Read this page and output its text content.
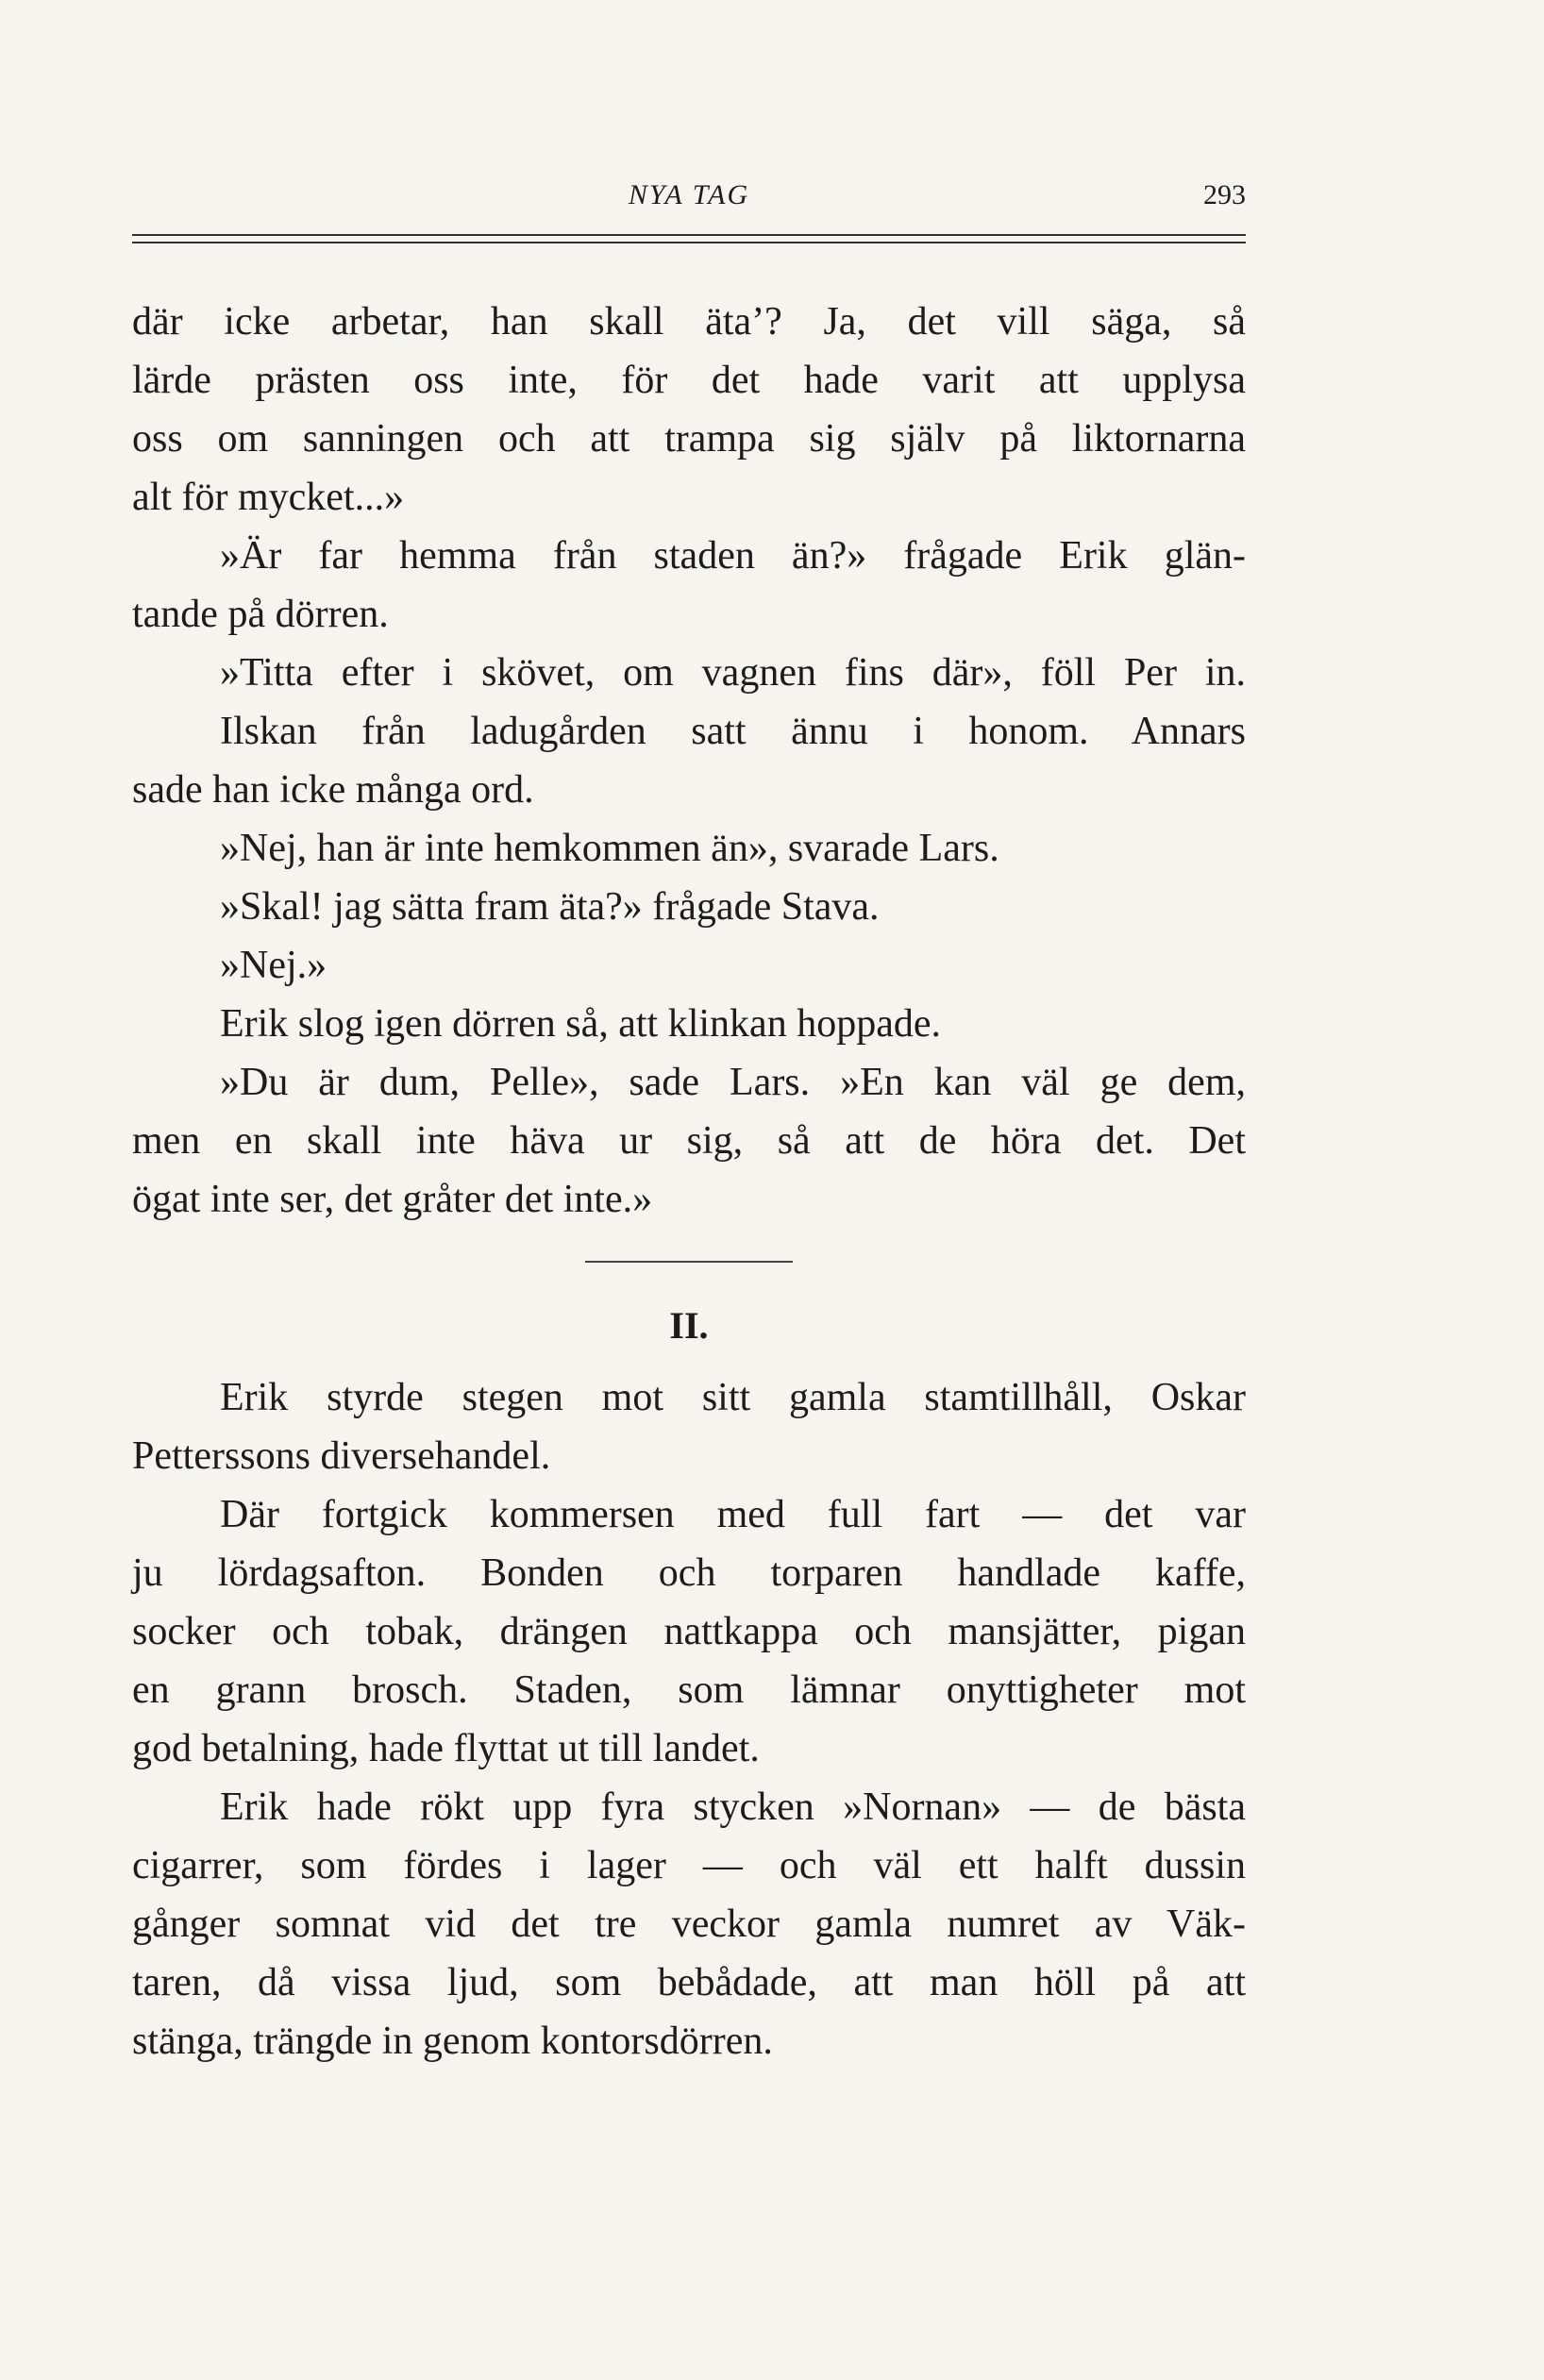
NYA TAG	293
där icke arbetar, han skall äta’? Ja, det vill säga, så
lärde prästen oss inte, för det hade varit att upplysa
oss om sanningen och att trampa sig själv på liktornarna
alt för mycket...»
»Är far hemma från staden än?» frågade Erik glän-
tande på dörren.
»Titta efter i skövet, om vagnen fins där», föll Per in.
Ilskan från ladugården satt ännu i honom. Annars
sade han icke många ord.
»Nej, han är inte hemkommen än», svarade Lars.
»Skal! jag sätta fram äta?» frågade Stava.
»Nej.»
Erik slog igen dörren så, att klinkan hoppade.
»Du är dum, Pelle», sade Lars. »En kan väl ge dem,
men en skall inte häva ur sig, så att de höra det. Det
ögat inte ser, det gråter det inte.»
II.
Erik styrde stegen mot sitt gamla stamtillhåll, Oskar
Petterssons diversehandel.
Där fortgick kommersen med full fart — det var
ju lördagsafton. Bonden och torparen handlade kaffe,
socker och tobak, drängen nattkappa och mansjätter, pigan
en grann brosch. Staden, som lämnar onyttigheter mot
god betalning, hade flyttat ut till landet.
Erik hade rökt upp fyra stycken »Nornan» — de bästa
cigarrer, som fördes i lager — och väl ett halft dussin
gånger somnat vid det tre veckor gamla numret av Väk-
taren, då vissa ljud, som bebådade, att man höll på att
stänga, trängde in genom kontorsdörren.
